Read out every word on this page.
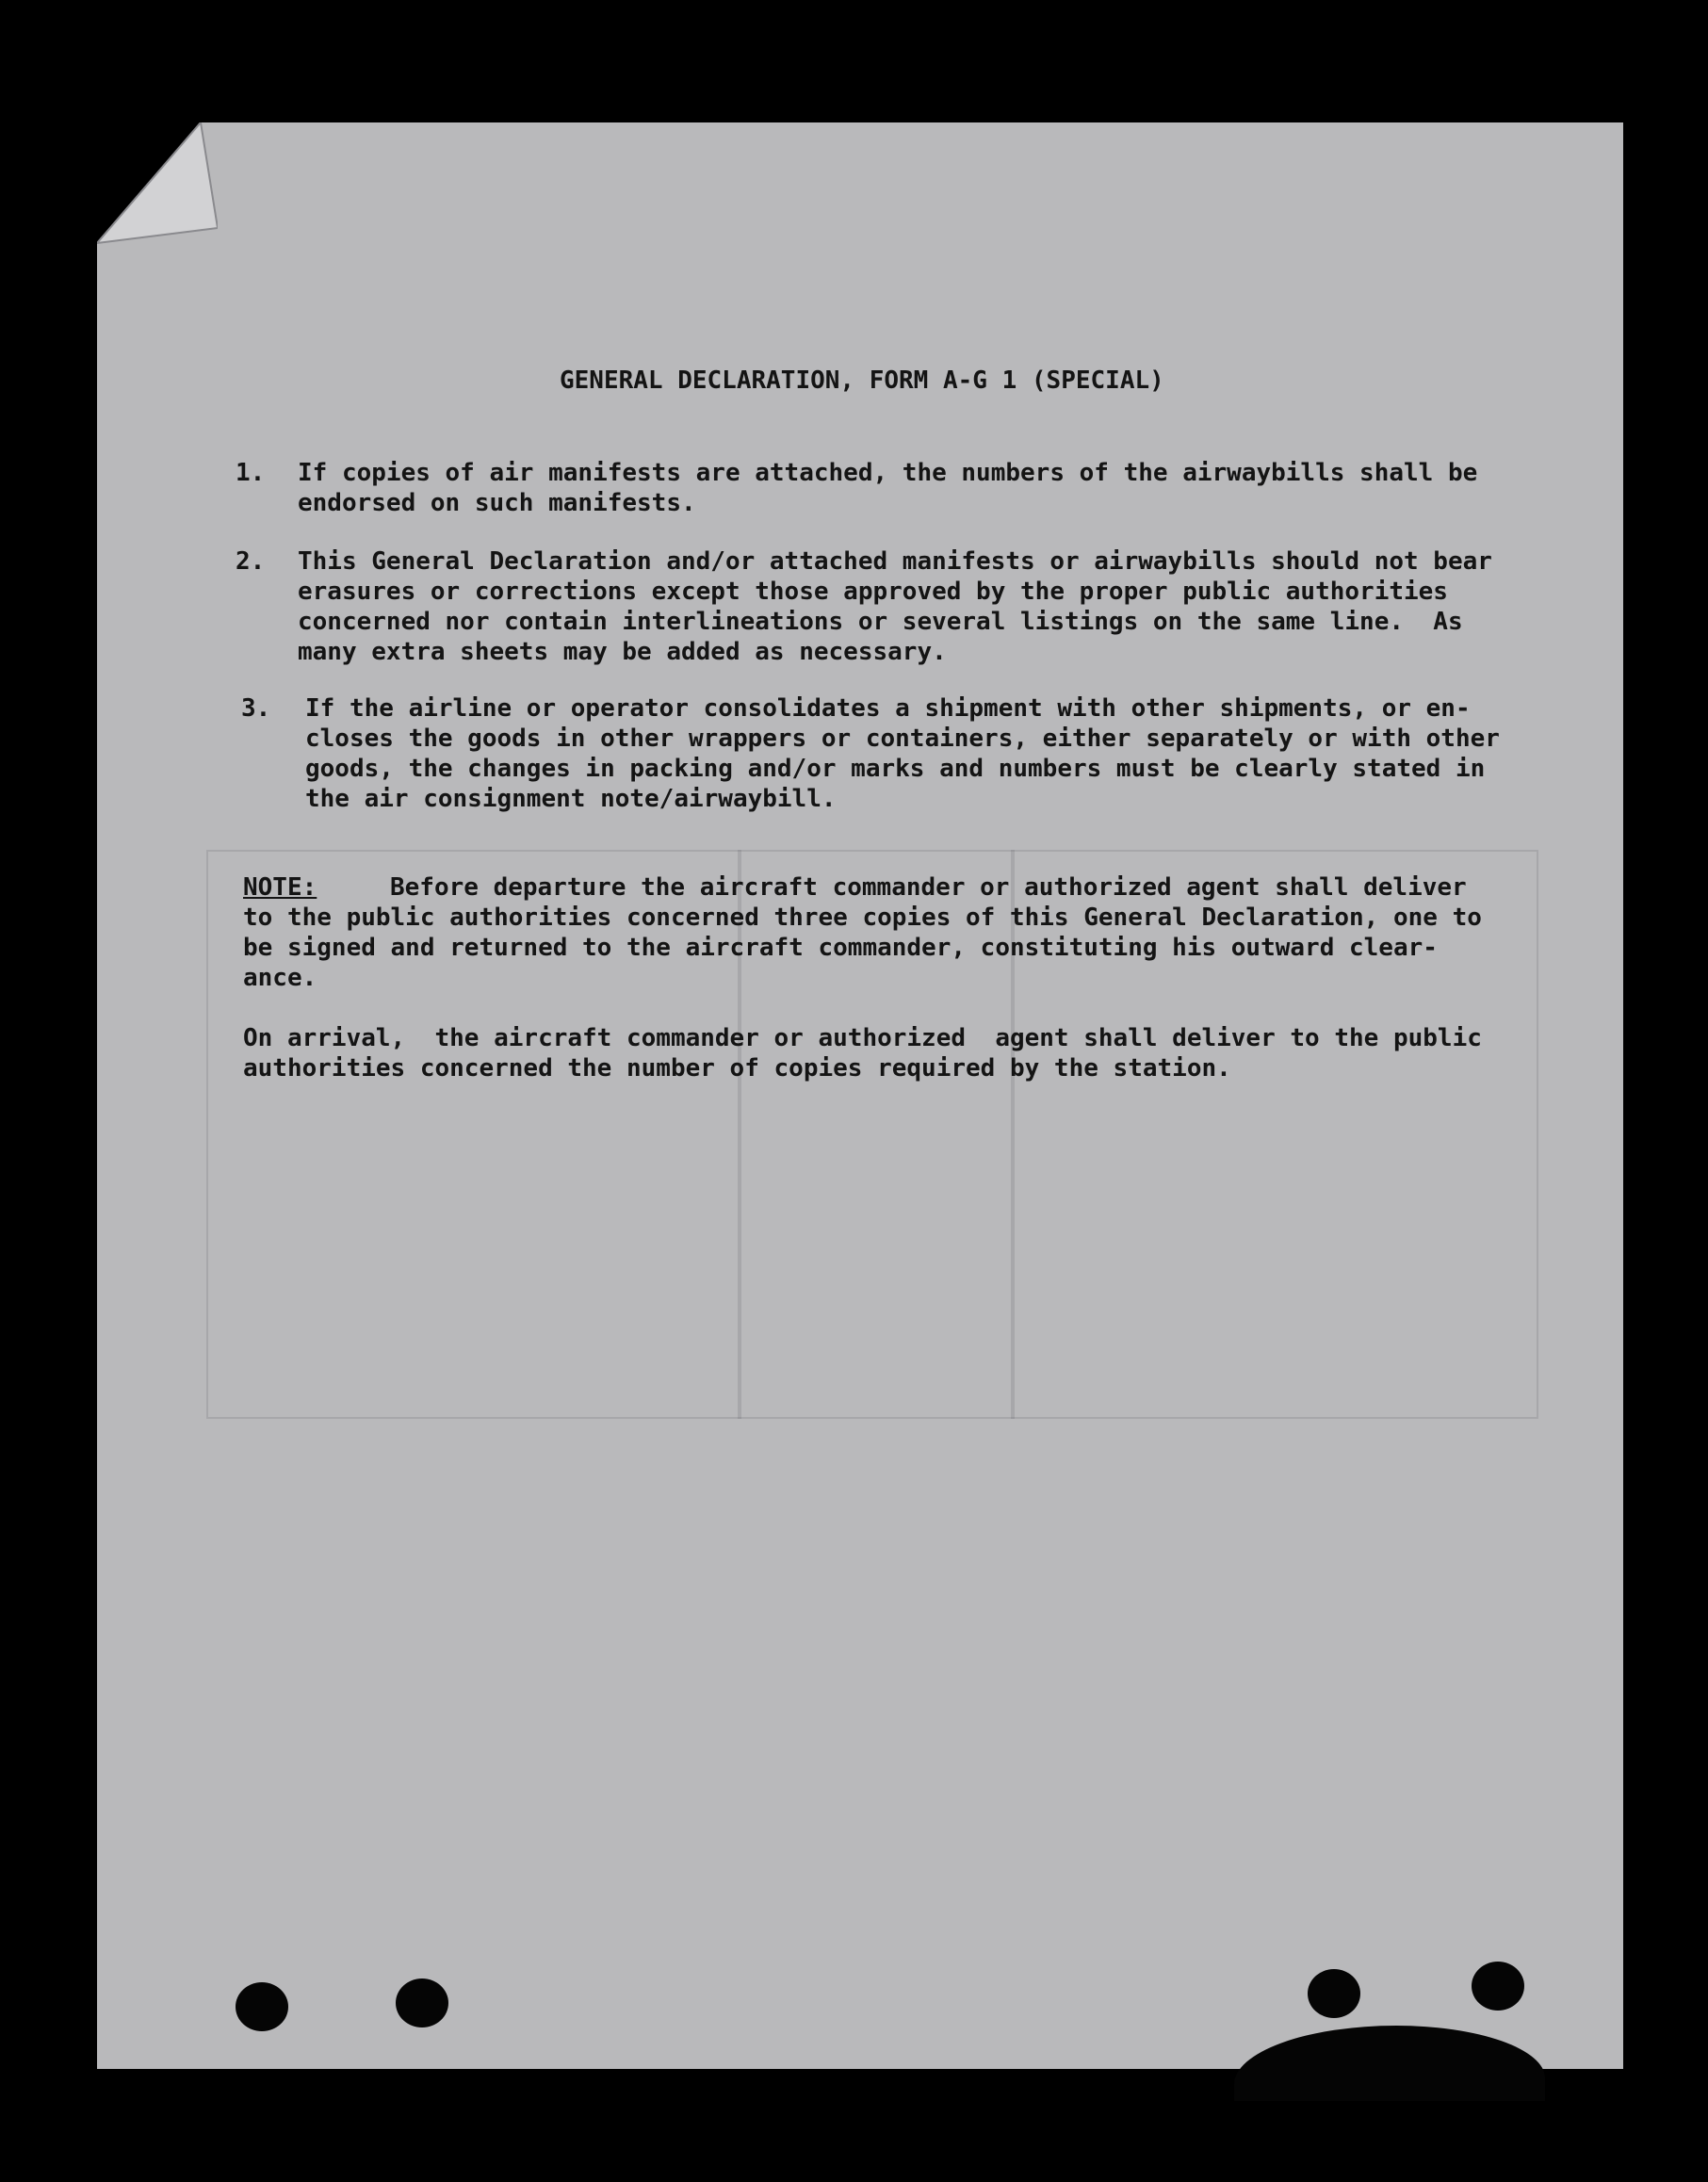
GENERAL DECLARATION, FORM A-G 1 (SPECIAL)
1. If copies of air manifests are attached, the numbers of the airwaybills shall be
endorsed on such manifests.
2. This General Declaration and/or attached manifests or airwaybills should not bear
erasures or corrections except those approved by the proper public authorities
concerned nor contain interlineations or several listings on the same line.  As
many extra sheets may be added as necessary.
3. If the airline or operator consolidates a shipment with other shipments, or en-
closes the goods in other wrappers or containers, either separately or with other
goods, the changes in packing and/or marks and numbers must be clearly stated in
the air consignment note/airwaybill.
NOTE:	Before departure the aircraft commander or authorized agent shall deliver
to the public authorities concerned three copies of this General Declaration, one to
be signed and returned to the aircraft commander, constituting his outward clear-
ance.
On arrival,  the aircraft commander or authorized  agent shall deliver to the public
authorities concerned the number of copies required by the station.
